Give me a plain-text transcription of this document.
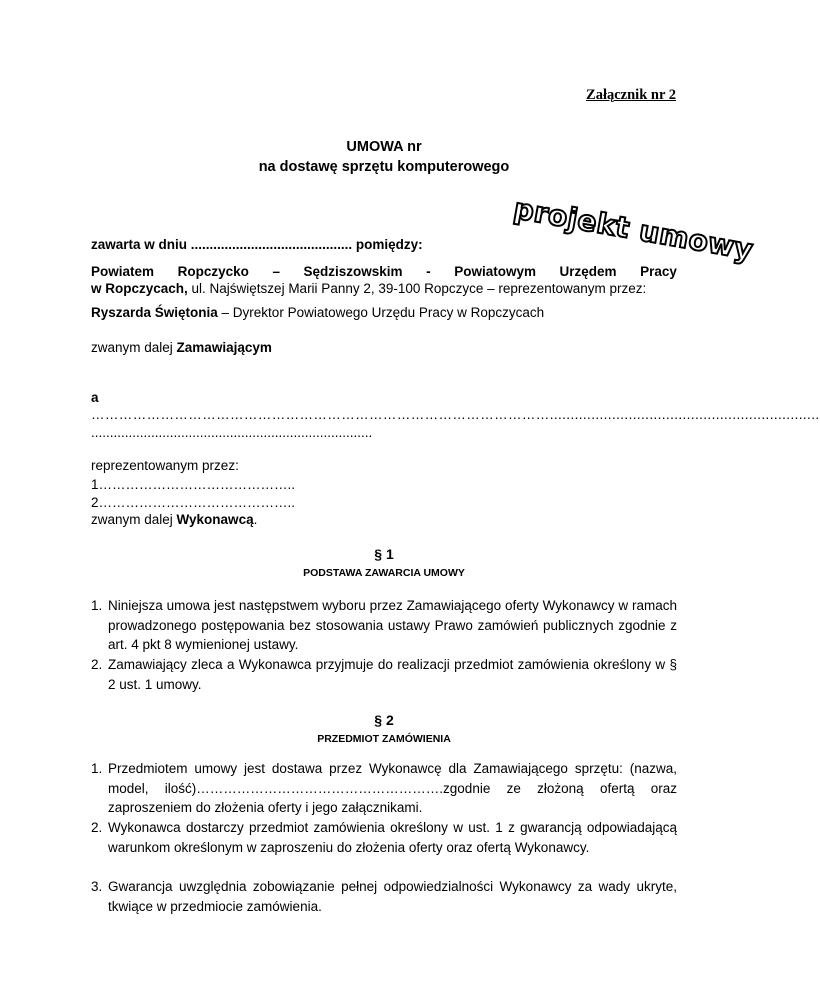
Załącznik nr 2
UMOWA nr
na dostawę sprzętu komputerowego
projekt umowy
zawarta w dniu ........................................... pomiędzy:
Powiatem Ropczycko – Sędziszowskim - Powiatowym Urzędem Pracy
w Ropczycach, ul. Najświętszej Marii Panny 2, 39-100 Ropczyce – reprezentowanym przez:
Ryszarda Świętonia – Dyrektor Powiatowego Urzędu Pracy w Ropczycach
zwanym dalej Zamawiającym
a
……………………………………………………………………………………….................................................................
...........................................................................
reprezentowanym przez:
1……………………………………..
2……………………………………..
zwanym dalej Wykonawcą.
§ 1
PODSTAWA ZAWARCIA UMOWY
1. Niniejsza umowa jest następstwem wyboru przez Zamawiającego oferty Wykonawcy w ramach prowadzonego postępowania bez stosowania ustawy Prawo zamówień publicznych zgodnie z art. 4 pkt 8 wymienionej ustawy.
2. Zamawiający zleca a Wykonawca przyjmuje do realizacji przedmiot zamówienia określony w § 2 ust. 1 umowy.
§ 2
PRZEDMIOT ZAMÓWIENIA
1. Przedmiotem umowy jest dostawa przez Wykonawcę dla Zamawiającego sprzętu: (nazwa, model, ilość)……………………………………………….zgodnie ze złożoną ofertą oraz zaproszeniem do złożenia oferty i jego załącznikami.
2. Wykonawca dostarczy przedmiot zamówienia określony w ust. 1 z gwarancją odpowiadającą warunkom określonym w zaproszeniu do złożenia oferty oraz ofertą Wykonawcy.
3. Gwarancja uwzględnia zobowiązanie pełnej odpowiedzialności Wykonawcy za wady ukryte, tkwiące w przedmiocie zamówienia.
